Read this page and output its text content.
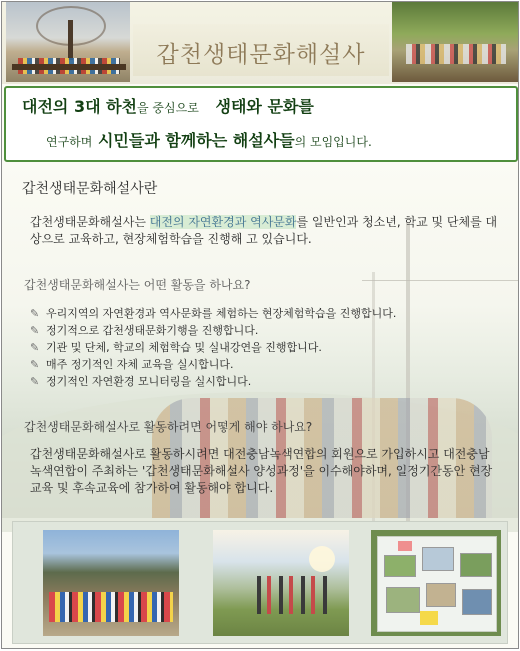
갑천생태문화해설사
대전의 3대 하천을 중심으로 생태와 문화를
연구하며 시민들과 함께하는 해설사들의 모임입니다.
갑천생태문화해설사란
갑천생태문화해설사는 대전의 자연환경과 역사문화를 일반인과 청소년, 학교 및 단체를 대상으로 교육하고, 현장체험학습을 진행해 고 있습니다.
갑천생태문화해설사는 어떤 활동을 하나요?
✎ 우리지역의 자연환경과 역사문화를 체험하는 현장체험학습을 진행합니다.
✎ 정기적으로 갑천생태문화기행을 진행합니다.
✎ 기관 및 단체, 학교의 체험학습 및 실내강연을 진행합니다.
✎ 매주 정기적인 자체 교육을 실시합니다.
✎ 정기적인 자연환경 모니터링을 실시합니다.
갑천생태문화해설사로 활동하려면 어떻게 해야 하나요?
갑천생태문화해설사로 활동하시려면 대전충남녹색연합의 회원으로 가입하시고 대전충남녹색연합이 주최하는 '갑천생태문화해설사 양성과정'을 이수해야하며, 일정기간동안 현장교육 및 후속교육에 참가하여 활동해야 합니다.
